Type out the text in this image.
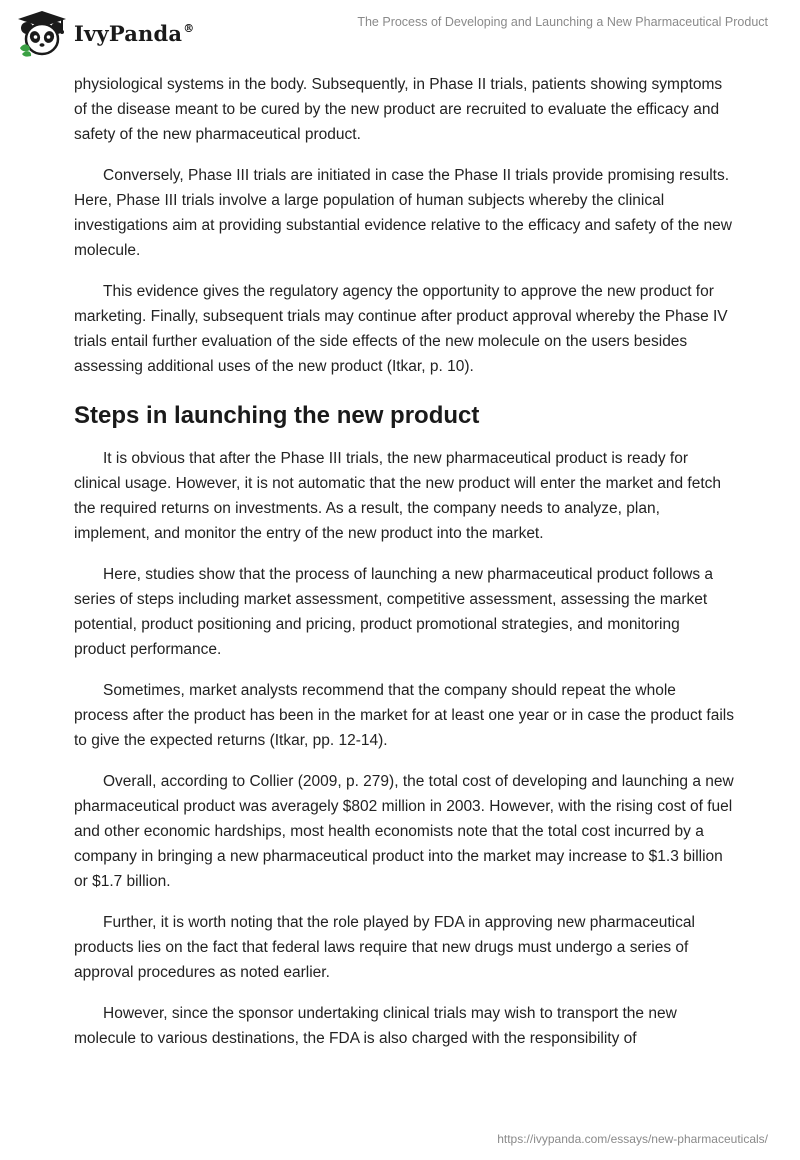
IvyPanda®	The Process of Developing and Launching a New Pharmaceutical Product

physiological systems in the body. Subsequently, in Phase II trials, patients showing symptoms of the disease meant to be cured by the new product are recruited to evaluate the efficacy and safety of the new pharmaceutical product.

Conversely, Phase III trials are initiated in case the Phase II trials provide promising results. Here, Phase III trials involve a large population of human subjects whereby the clinical investigations aim at providing substantial evidence relative to the efficacy and safety of the new molecule.

This evidence gives the regulatory agency the opportunity to approve the new product for marketing. Finally, subsequent trials may continue after product approval whereby the Phase IV trials entail further evaluation of the side effects of the new molecule on the users besides assessing additional uses of the new product (Itkar, p. 10).

Steps in launching the new product

It is obvious that after the Phase III trials, the new pharmaceutical product is ready for clinical usage. However, it is not automatic that the new product will enter the market and fetch the required returns on investments. As a result, the company needs to analyze, plan, implement, and monitor the entry of the new product into the market.

Here, studies show that the process of launching a new pharmaceutical product follows a series of steps including market assessment, competitive assessment, assessing the market potential, product positioning and pricing, product promotional strategies, and monitoring product performance.

Sometimes, market analysts recommend that the company should repeat the whole process after the product has been in the market for at least one year or in case the product fails to give the expected returns (Itkar, pp. 12-14).

Overall, according to Collier (2009, p. 279), the total cost of developing and launching a new pharmaceutical product was averagely $802 million in 2003. However, with the rising cost of fuel and other economic hardships, most health economists note that the total cost incurred by a company in bringing a new pharmaceutical product into the market may increase to $1.3 billion or $1.7 billion.

Further, it is worth noting that the role played by FDA in approving new pharmaceutical products lies on the fact that federal laws require that new drugs must undergo a series of approval procedures as noted earlier.

However, since the sponsor undertaking clinical trials may wish to transport the new molecule to various destinations, the FDA is also charged with the responsibility of

https://ivypanda.com/essays/new-pharmaceuticals/
